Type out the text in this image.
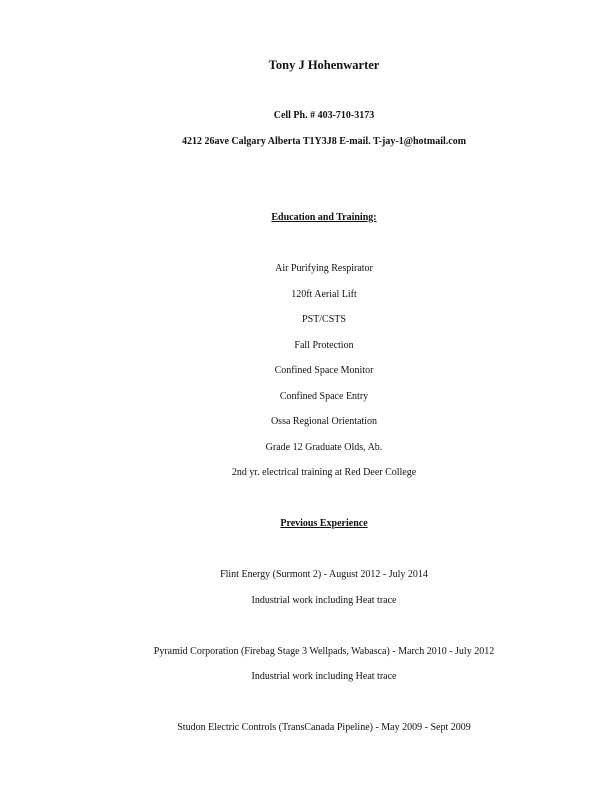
Tony J Hohenwarter
Cell Ph. # 403-710-3173
4212 26ave Calgary Alberta T1Y3J8 E-mail. T-jay-1@hotmail.com
Education and Training:
Air Purifying Respirator
120ft Aerial Lift
PST/CSTS
Fall Protection
Confined Space Monitor
Confined Space Entry
Ossa Regional Orientation
Grade 12 Graduate Olds, Ab.
2nd yr. electrical training at Red Deer College
Previous Experience
Flint Energy (Surmont 2) - August 2012 - July 2014
Industrial work including Heat trace
Pyramid Corporation (Firebag Stage 3 Wellpads, Wabasca) - March 2010 - July 2012
Industrial work including Heat trace
Studon Electric Controls (TransCanada Pipeline) - May 2009 - Sept 2009
